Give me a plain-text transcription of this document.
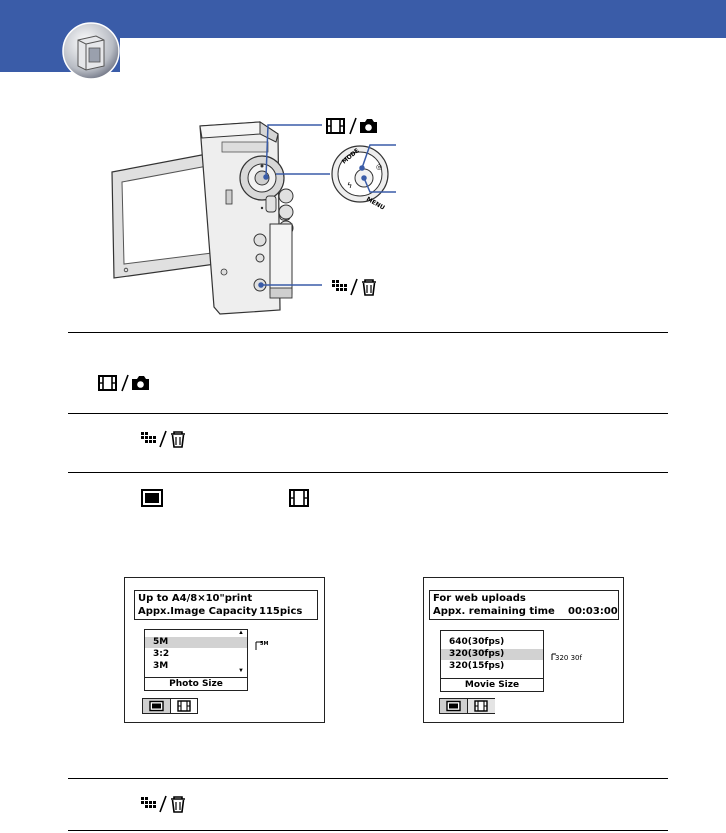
MODE
MENU
◎
ϟ
Up to A4/8×10"print
Appx.Image Capacity 115pics
5M
3:2
3M
▲
▼
Photo Size
5M
For web uploads
Appx. remaining time 00:03:00
640(30fps)
320(30fps)
320(15fps)
Movie Size
320 30f
